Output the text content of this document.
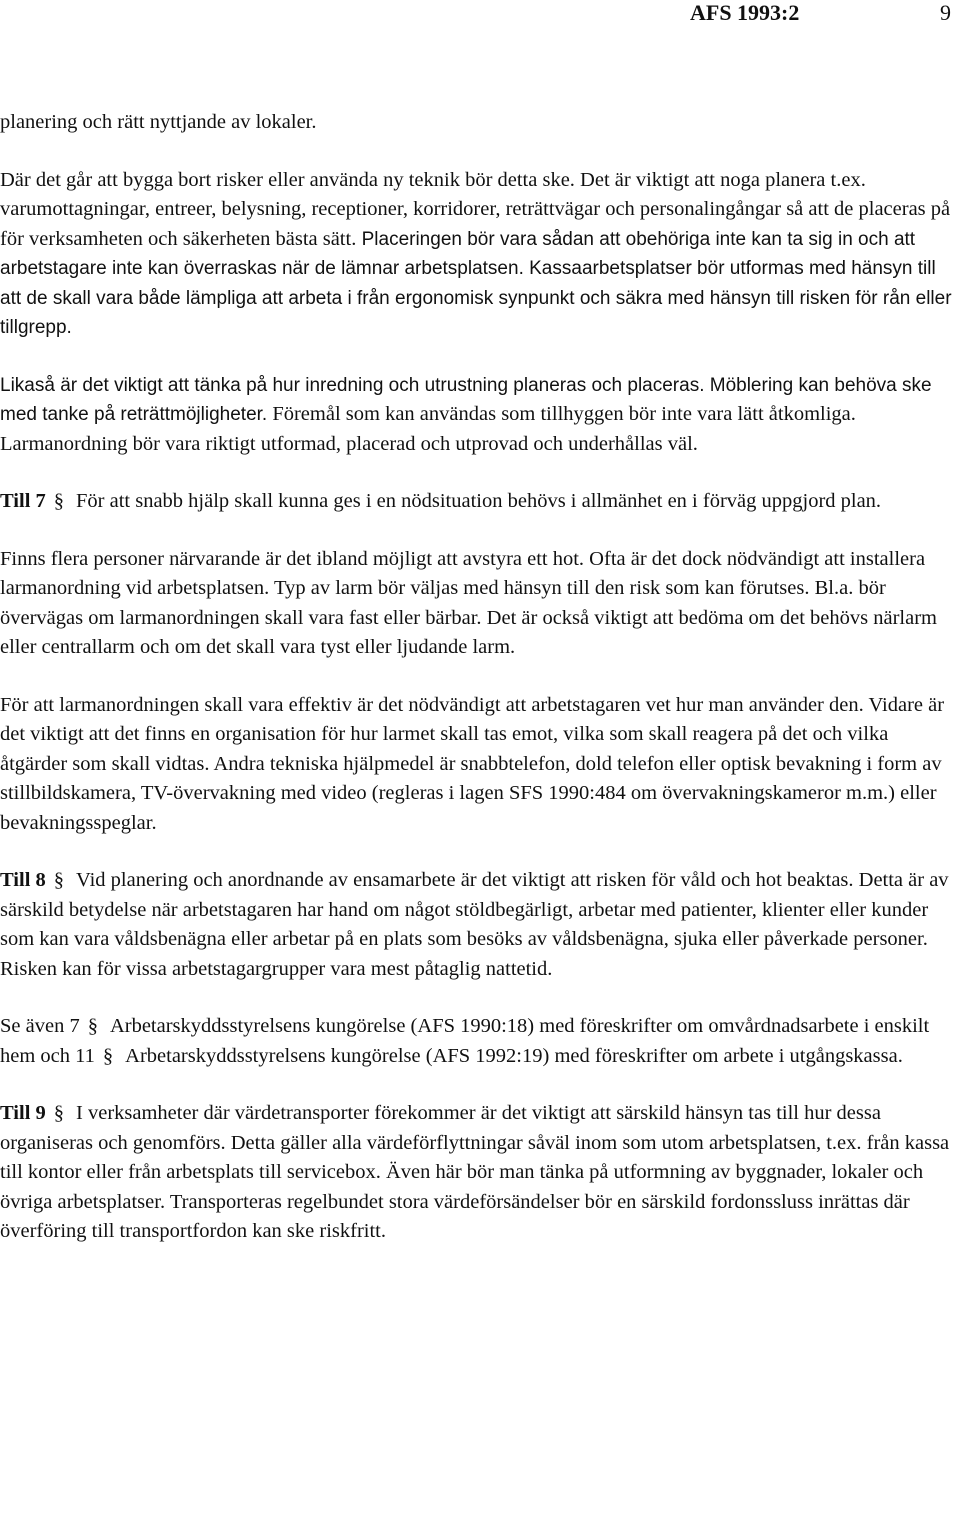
AFS 1993:2	9

planering och rätt nyttjande av lokaler.

Där det går att bygga bort risker eller använda ny teknik bör detta ske. Det är viktigt att noga planera t.ex. varumottagningar, entreer, belysning, receptioner, korridorer, reträttvägar och personalingångar så att de placeras på för verksamheten och säkerheten bästa sätt. Placeringen bör vara sådan att obehöriga inte kan ta sig in och att arbetstagare inte kan överraskas när de lämnar arbetsplatsen. Kassaarbetsplatser bör utformas med hänsyn till att de skall vara både lämpliga att arbeta i från ergonomisk synpunkt och säkra med hänsyn till risken för rån eller tillgrepp.

Likaså är det viktigt att tänka på hur inredning och utrustning planeras och placeras. Möblering kan behöva ske med tanke på reträttmöjligheter. Föremål som kan användas som tillhyggen bör inte vara lätt åtkomliga. Larmanordning bör vara riktigt utformad, placerad och utprovad och underhållas väl.

Till 7 § För att snabb hjälp skall kunna ges i en nödsituation behövs i allmänhet en i förväg uppgjord plan.

Finns flera personer närvarande är det ibland möjligt att avstyra ett hot. Ofta är det dock nödvändigt att installera larmanordning vid arbetsplatsen. Typ av larm bör väljas med hänsyn till den risk som kan förutses. Bl.a. bör övervägas om larmanordningen skall vara fast eller bärbar. Det är också viktigt att bedöma om det behövs närlarm eller centrallarm och om det skall vara tyst eller ljudande larm.

För att larmanordningen skall vara effektiv är det nödvändigt att arbetstagaren vet hur man använder den. Vidare är det viktigt att det finns en organisation för hur larmet skall tas emot, vilka som skall reagera på det och vilka åtgärder som skall vidtas. Andra tekniska hjälpmedel är snabbtelefon, dold telefon eller optisk bevakning i form av stillbildskamera, TV-övervakning med video (regleras i lagen SFS 1990:484 om övervakningskameror m.m.) eller bevakningsspeglar.

Till 8 § Vid planering och anordnande av ensamarbete är det viktigt att risken för våld och hot beaktas. Detta är av särskild betydelse när arbetstagaren har hand om något stöldbegärligt, arbetar med patienter, klienter eller kunder som kan vara våldsbenägna eller arbetar på en plats som besöks av våldsbenägna, sjuka eller påverkade personer. Risken kan för vissa arbetstagargrupper vara mest påtaglig nattetid.

Se även 7 § Arbetarskyddsstyrelsens kungörelse (AFS 1990:18) med föreskrifter om omvårdnadsarbete i enskilt hem och 11 § Arbetarskyddsstyrelsens kungörelse (AFS 1992:19) med föreskrifter om arbete i utgångskassa.

Till 9 § I verksamheter där värdetransporter förekommer är det viktigt att särskild hänsyn tas till hur dessa organiseras och genomförs. Detta gäller alla värdeförflyttningar såväl inom som utom arbetsplatsen, t.ex. från kassa till kontor eller från arbetsplats till servicebox. Även här bör man tänka på utformning av byggnader, lokaler och övriga arbetsplatser. Transporteras regelbundet stora värdeförsändelser bör en särskild fordonssluss inrättas där överföring till transportfordon kan ske riskfritt.
